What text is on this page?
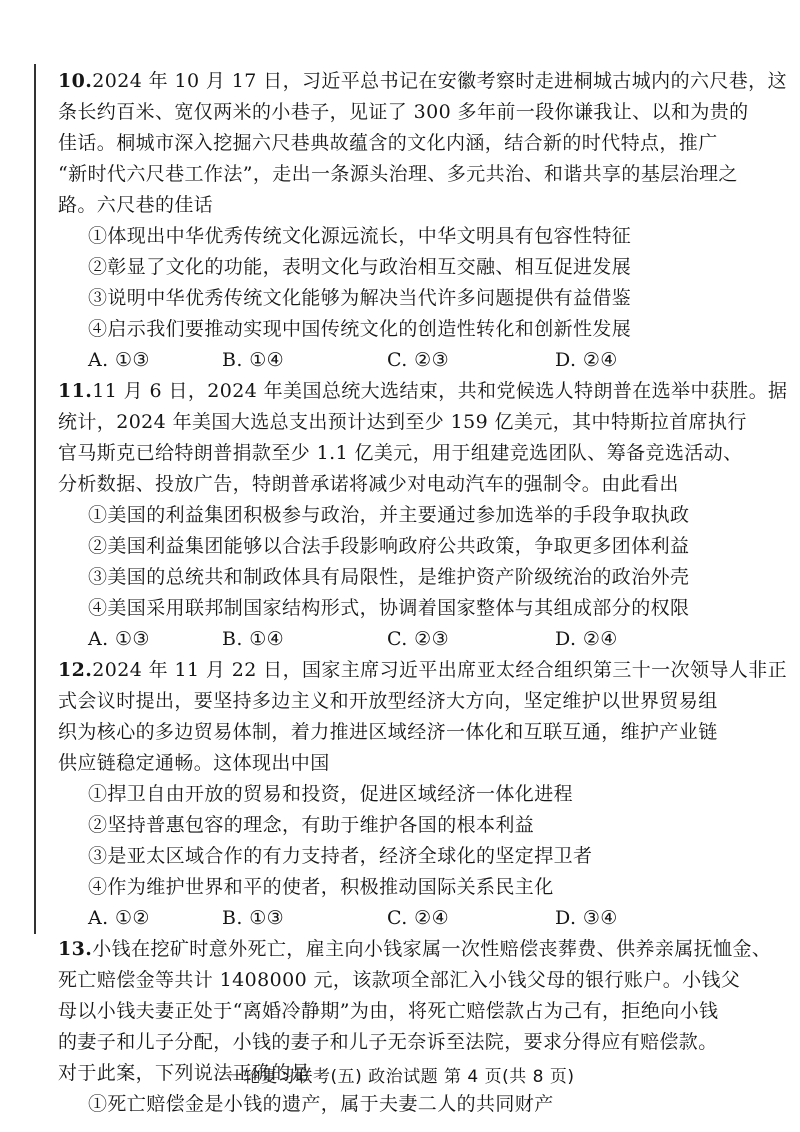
10.2024 年 10 月 17 日，习近平总书记在安徽考察时走进桐城古城内的六尺巷，这
条长约百米、宽仅两米的小巷子，见证了 300 多年前一段你谦我让、以和为贵的
佳话。桐城市深入挖掘六尺巷典故蕴含的文化内涵，结合新的时代特点，推广
“新时代六尺巷工作法”，走出一条源头治理、多元共治、和谐共享的基层治理之
路。六尺巷的佳话
①体现出中华优秀传统文化源远流长，中华文明具有包容性特征
②彰显了文化的功能，表明文化与政治相互交融、相互促进发展
③说明中华优秀传统文化能够为解决当代许多问题提供有益借鉴
④启示我们要推动实现中国传统文化的创造性转化和创新性发展
A. ①③	B. ①④	C. ②③	D. ②④
11.11 月 6 日，2024 年美国总统大选结束，共和党候选人特朗普在选举中获胜。据
统计，2024 年美国大选总支出预计达到至少 159 亿美元，其中特斯拉首席执行
官马斯克已给特朗普捐款至少 1.1 亿美元，用于组建竞选团队、筹备竞选活动、
分析数据、投放广告，特朗普承诺将减少对电动汽车的强制令。由此看出
①美国的利益集团积极参与政治，并主要通过参加选举的手段争取执政
②美国利益集团能够以合法手段影响政府公共政策，争取更多团体利益
③美国的总统共和制政体具有局限性，是维护资产阶级统治的政治外壳
④美国采用联邦制国家结构形式，协调着国家整体与其组成部分的权限
A. ①③	B. ①④	C. ②③	D. ②④
12.2024 年 11 月 22 日，国家主席习近平出席亚太经合组织第三十一次领导人非正
式会议时提出，要坚持多边主义和开放型经济大方向，坚定维护以世界贸易组
织为核心的多边贸易体制，着力推进区域经济一体化和互联互通，维护产业链
供应链稳定通畅。这体现出中国
①捍卫自由开放的贸易和投资，促进区域经济一体化进程
②坚持普惠包容的理念，有助于维护各国的根本利益
③是亚太区域合作的有力支持者，经济全球化的坚定捍卫者
④作为维护世界和平的使者，积极推动国际关系民主化
A. ①②	B. ①③	C. ②④	D. ③④
13.小钱在挖矿时意外死亡，雇主向小钱家属一次性赔偿丧葬费、供养亲属抚恤金、
死亡赔偿金等共计 1408000 元，该款项全部汇入小钱父母的银行账户。小钱父
母以小钱夫妻正处于“离婚冷静期”为由，将死亡赔偿款占为己有，拒绝向小钱
的妻子和儿子分配，小钱的妻子和儿子无奈诉至法院，要求分得应有赔偿款。
对于此案，下列说法正确的是
①死亡赔偿金是小钱的遗产，属于夫妻二人的共同财产
一轮复习联考(五) 政治试题 第 4 页(共 8 页)
